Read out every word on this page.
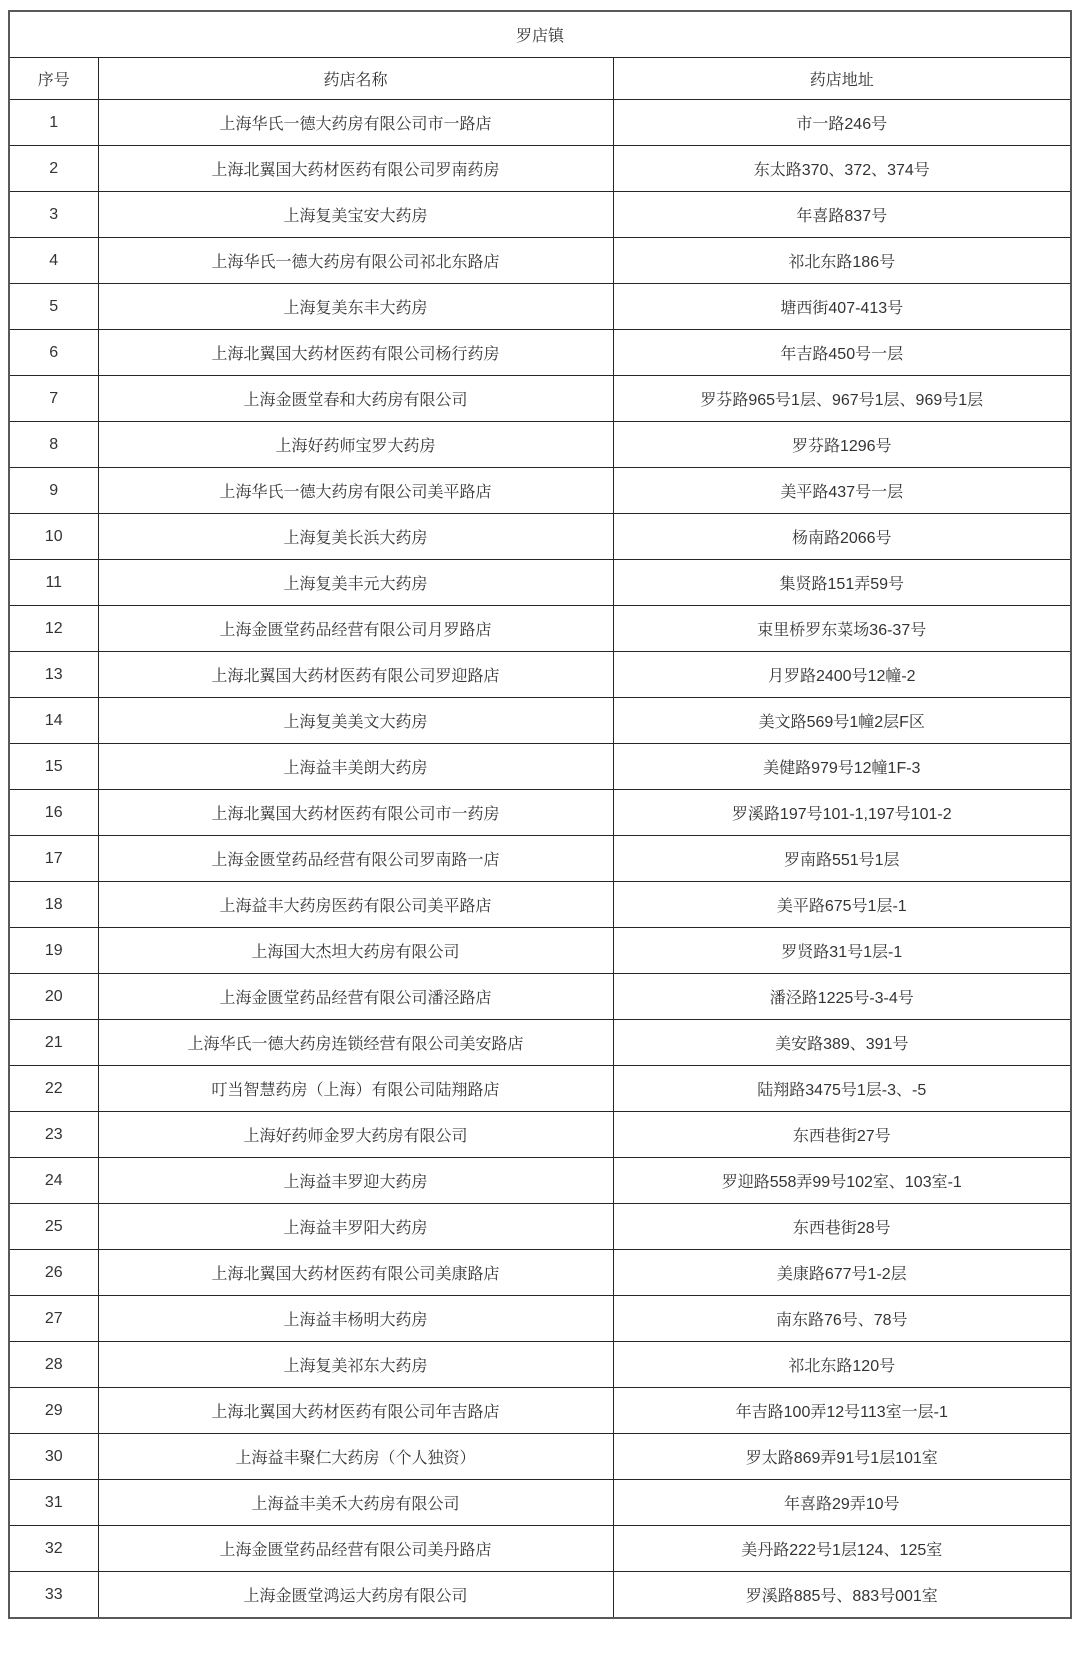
罗店镇		
序号	药店名称	药店地址
1	上海华氏一德大药房有限公司市一路店	市一路246号
2	上海北翼国大药材医药有限公司罗南药房	东太路370、372、374号
3	上海复美宝安大药房	年喜路837号
4	上海华氏一德大药房有限公司祁北东路店	祁北东路186号
5	上海复美东丰大药房	塘西街407-413号
6	上海北翼国大药材医药有限公司杨行药房	年吉路450号一层
7	上海金匮堂春和大药房有限公司	罗芬路965号1层、967号1层、969号1层
8	上海好药师宝罗大药房	罗芬路1296号
9	上海华氏一德大药房有限公司美平路店	美平路437号一层
10	上海复美长浜大药房	杨南路2066号
11	上海复美丰元大药房	集贤路151弄59号
12	上海金匮堂药品经营有限公司月罗路店	束里桥罗东菜场36-37号
13	上海北翼国大药材医药有限公司罗迎路店	月罗路2400号12幢-2
14	上海复美美文大药房	美文路569号1幢2层F区
15	上海益丰美朗大药房	美健路979号12幢1F-3
16	上海北翼国大药材医药有限公司市一药房	罗溪路197号101-1,197号101-2
17	上海金匮堂药品经营有限公司罗南路一店	罗南路551号1层
18	上海益丰大药房医药有限公司美平路店	美平路675号1层-1
19	上海国大杰坦大药房有限公司	罗贤路31号1层-1
20	上海金匮堂药品经营有限公司潘泾路店	潘泾路1225号-3-4号
21	上海华氏一德大药房连锁经营有限公司美安路店	美安路389、391号
22	叮当智慧药房（上海）有限公司陆翔路店	陆翔路3475号1层-3、-5
23	上海好药师金罗大药房有限公司	东西巷街27号
24	上海益丰罗迎大药房	罗迎路558弄99号102室、103室-1
25	上海益丰罗阳大药房	东西巷街28号
26	上海北翼国大药材医药有限公司美康路店	美康路677号1-2层
27	上海益丰杨明大药房	南东路76号、78号
28	上海复美祁东大药房	祁北东路120号
29	上海北翼国大药材医药有限公司年吉路店	年吉路100弄12号113室一层-1
30	上海益丰聚仁大药房（个人独资）	罗太路869弄91号1层101室
31	上海益丰美禾大药房有限公司	年喜路29弄10号
32	上海金匮堂药品经营有限公司美丹路店	美丹路222号1层124、125室
33	上海金匮堂鸿运大药房有限公司	罗溪路885号、883号001室
